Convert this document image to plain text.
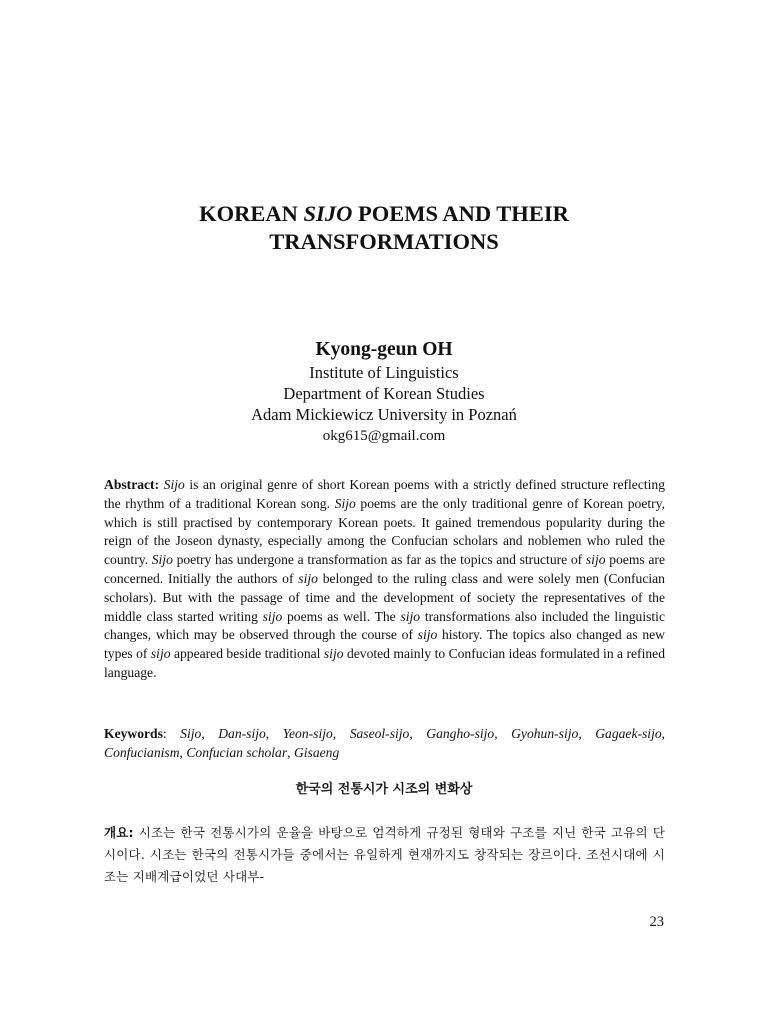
KOREAN SIJO POEMS AND THEIR
TRANSFORMATIONS
Kyong-geun OH
Institute of Linguistics
Department of Korean Studies
Adam Mickiewicz University in Poznań
okg615@gmail.com

Abstract: Sijo is an original genre of short Korean poems with a strictly defined structure reflecting the rhythm of a traditional Korean song. Sijo poems are the only traditional genre of Korean poetry, which is still practised by contemporary Korean poets. It gained tremendous popularity during the reign of the Joseon dynasty, especially among the Confucian scholars and noblemen who ruled the country. Sijo poetry has undergone a transformation as far as the topics and structure of sijo poems are concerned. Initially the authors of sijo belonged to the ruling class and were solely men (Confucian scholars). But with the passage of time and the development of society the representatives of the middle class started writing sijo poems as well. The sijo transformations also included the linguistic changes, which may be observed through the course of sijo history. The topics also changed as new types of sijo appeared beside traditional sijo devoted mainly to Confucian ideas formulated in a refined language.

Keywords: Sijo, Dan-sijo, Yeon-sijo, Saseol-sijo, Gangho-sijo, Gyohun-sijo, Gagaek-sijo, Confucianism, Confucian scholar, Gisaeng

한국의 전통시가 시조의 변화상

개요: 시조는 한국 전통시가의 운율을 바탕으로 엄격하게 규정된 형태와 구조를 지닌 한국 고유의 단시이다. 시조는 한국의 전통시가들 중에서는 유일하게 현재까지도 창작되는 장르이다. 조선시대에 시조는 지배계급이었던 사대부-

23
